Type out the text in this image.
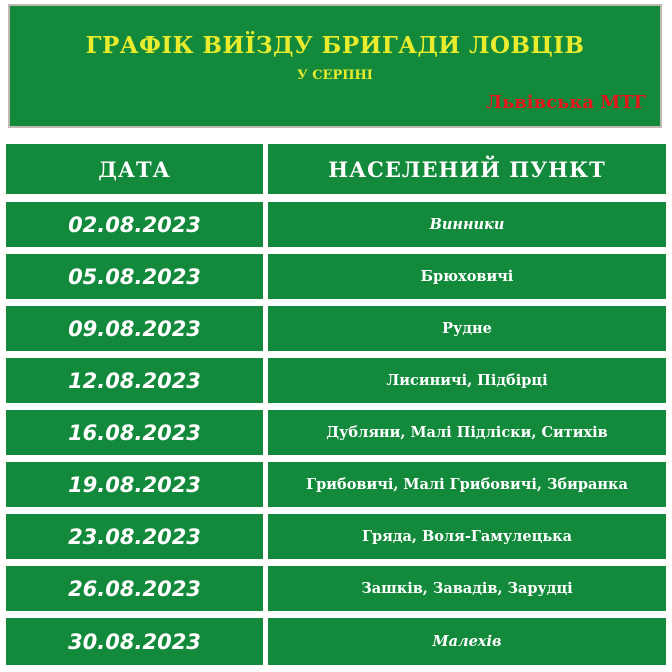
ГРАФІК ВИЇЗДУ БРИГАДИ ЛОВЦІВ
У СЕРПНІ
Львівська МТГ
ДАТА	НАСЕЛЕНИЙ ПУНКТ
02.08.2023	Винники
05.08.2023	Брюховичі
09.08.2023	Рудне
12.08.2023	Лисиничі, Підбірці
16.08.2023	Дубляни, Малі Підліски, Ситихів
19.08.2023	Грибовичі, Малі Грибовичі, Збиранка
23.08.2023	Гряда, Воля-Гамулецька
26.08.2023	Зашків, Завадів, Зарудці
30.08.2023	Малехів
